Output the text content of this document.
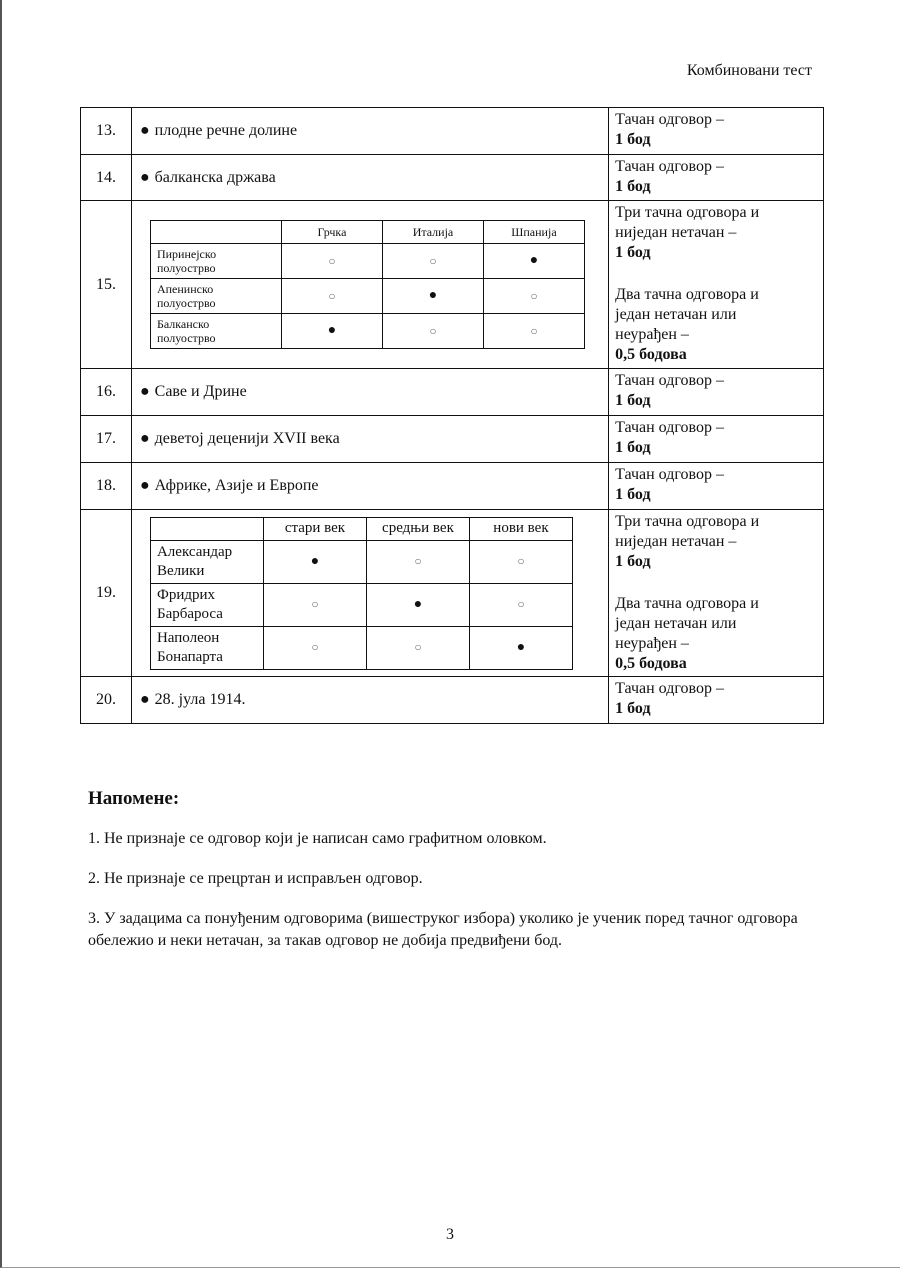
Комбиновани тест
13.	● плодне речне долине	
Тачан одговор –
1 бод

14.	● балканска држава	
Тачан одговор –
1 бод

15.	
	Грчка	Италија	Шпанија
Пиринејско
полуострво	○	○	●
Апенинско
полуострво	○	●	○
Балканско
полуострво	●	○	○

Три тачна одговора и
ниједан нетачан –
1 бод
Два тачна одговора и
један нетачан или
неурађен –
0,5 бодова

16.	● Саве и Дрине	
Тачан одговор –
1 бод

17.	● деветој деценији XVII века	
Тачан одговор –
1 бод

18.	● Африке, Азије и Европе	
Тачан одговор –
1 бод

19.	
	стари век	средњи век	нови век
Александар
Велики	●	○	○
Фридрих
Барбароса	○	●	○
Наполеон
Бонапарта	○	○	●

Три тачна одговора и
ниједан нетачан –
1 бод
Два тачна одговора и
један нетачан или
неурађен –
0,5 бодова

20.	● 28. јула 1914.	
Тачан одговор –
1 бод
Напомене:

1. Не признаје се одговор који је написан само графитном оловком.

2. Не признаје се прецртан и исправљен одговор.

3. У задацима са понуђеним одговорима (вишеструког избора) уколико је ученик поред тачног одговора обележио и неки нетачан, за такав одговор не добија предвиђени бод.

3
